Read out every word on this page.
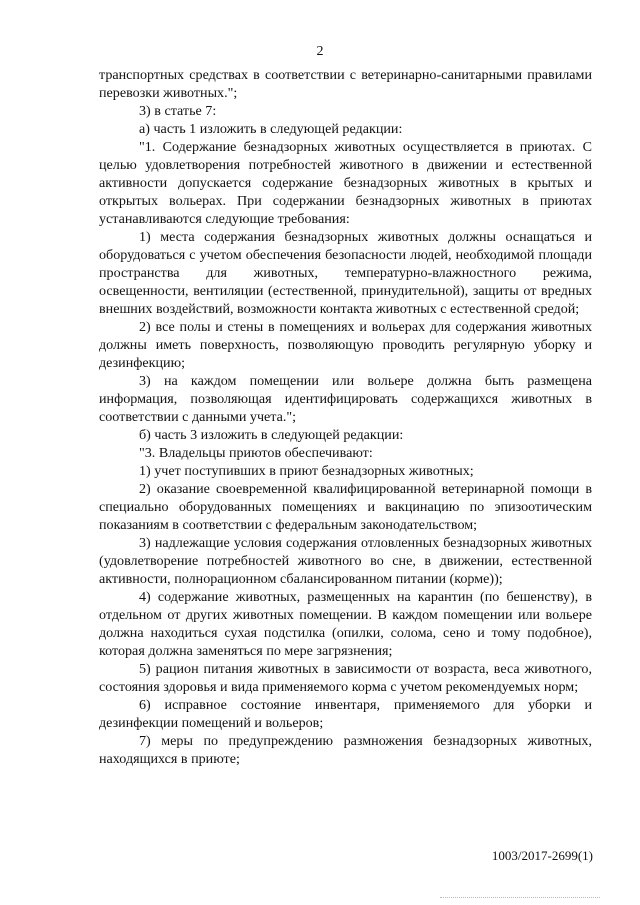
2

транспортных средствах в соответствии с ветеринарно-санитарными правилами перевозки животных.";

3) в статье 7:

а) часть 1 изложить в следующей редакции:

"1. Содержание безнадзорных животных осуществляется в приютах. С целью удовлетворения потребностей животного в движении и естественной активности допускается содержание безнадзорных животных в крытых и открытых вольерах. При содержании безнадзорных животных в приютах устанавливаются следующие требования:

1) места содержания безнадзорных животных должны оснащаться и оборудоваться с учетом обеспечения безопасности людей, необходимой площади пространства для животных, температурно-влажностного режима, освещенности, вентиляции (естественной, принудительной), защиты от вредных внешних воздействий, возможности контакта животных с естественной средой;

2) все полы и стены в помещениях и вольерах для содержания животных должны иметь поверхность, позволяющую проводить регулярную уборку и дезинфекцию;

3) на каждом помещении или вольере должна быть размещена информация, позволяющая идентифицировать содержащихся животных в соответствии с данными учета.";

б) часть 3 изложить в следующей редакции:

"3. Владельцы приютов обеспечивают:

1) учет поступивших в приют безнадзорных животных;

2) оказание своевременной квалифицированной ветеринарной помощи в специально оборудованных помещениях и вакцинацию по эпизоотическим показаниям в соответствии с федеральным законодательством;

3) надлежащие условия содержания отловленных безнадзорных животных (удовлетворение потребностей животного во сне, в движении, естественной активности, полнорационном сбалансированном питании (корме));

4) содержание животных, размещенных на карантин (по бешенству), в отдельном от других животных помещении. В каждом помещении или вольере должна находиться сухая подстилка (опилки, солома, сено и тому подобное), которая должна заменяться по мере загрязнения;

5) рацион питания животных в зависимости от возраста, веса животного, состояния здоровья и вида применяемого корма с учетом рекомендуемых норм;

6) исправное состояние инвентаря, применяемого для уборки и дезинфекции помещений и вольеров;

7) меры по предупреждению размножения безнадзорных животных, находящихся в приюте;

1003/2017-2699(1)
